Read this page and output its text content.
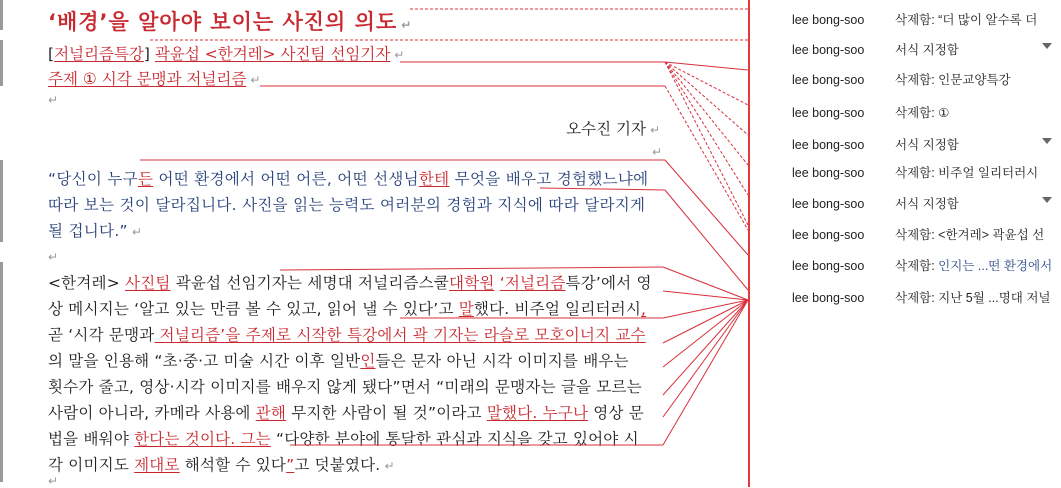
‘배경’을 알아야 보이는 사진의 의도 ↵
[저널리즘특강] 곽윤섭 <한겨레> 사진팀 선임기자 ↵
주제 ① 시각 문맹과 저널리즘 ↵
↵
오수진 기자 ↵
↵
“당신이 누구든 어떤 환경에서 어떤 어른, 어떤 선생님한테 무엇을 배우고 경험했느냐에
따라 보는 것이 달라집니다. 사진을 읽는 능력도 여러분의 경험과 지식에 따라 달라지게
될 겁니다.” ↵
↵
<한겨레> 사진팀 곽윤섭 선임기자는 세명대 저널리즘스쿨대학원 ‘저널리즘특강’에서 영
상 메시지는 ‘알고 있는 만큼 볼 수 있고, 읽어 낼 수 있다’고 말했다. 비주얼 일리터러시,
곧 ‘시각 문맹과 저널리즘’을 주제로 시작한 특강에서 곽 기자는 라슬로 모호이너지 교수
의 말을 인용해 “초·중·고 미술 시간 이후 일반인들은 문자 아닌 시각 이미지를 배우는
횟수가 줄고, 영상·시각 이미지를 배우지 않게 됐다”면서 “미래의 문맹자는 글을 모르는
사람이 아니라, 카메라 사용에 관해 무지한 사람이 될 것”이라고 말했다. 누구나 영상 문
법을 배워야 한다는 것이다. 그는 “다양한 분야에 통달한 관심과 지식을 갖고 있어야 시
각 이미지도 제대로 해석할 수 있다”고 덧붙였다. ↵
↵
lee bong-soo 삭제함: “더 많이 알수록 더
lee bong-soo 서식 지정함
lee bong-soo 삭제함: 인문교양특강
lee bong-soo 삭제함: ①
lee bong-soo 서식 지정함
lee bong-soo 삭제함: 비주얼 일리터러시
lee bong-soo 서식 지정함
lee bong-soo 삭제함: <한겨레> 곽윤섭 선
lee bong-soo 삭제함: 인지는 ...떤 환경에서
lee bong-soo 삭제함: 지난 5월 ...명대 저널
